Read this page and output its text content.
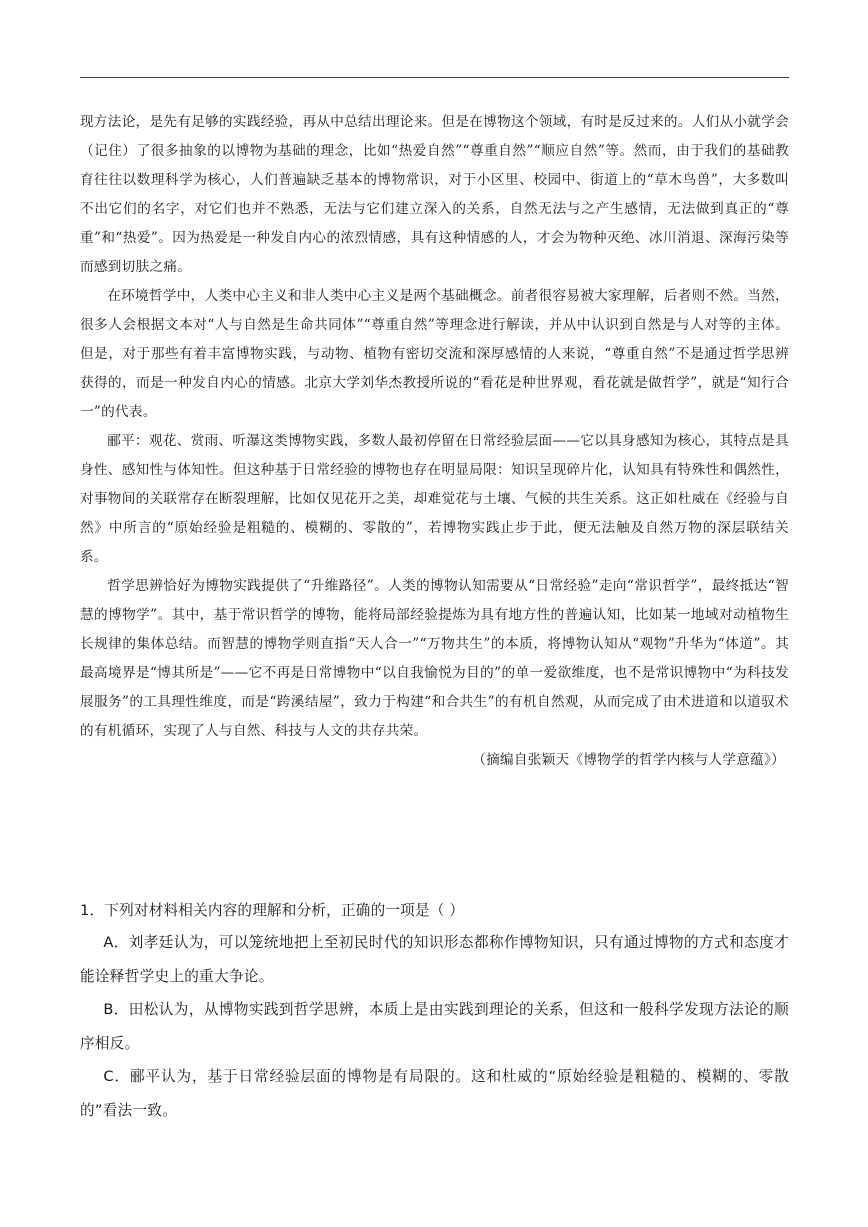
现方法论，是先有足够的实践经验，再从中总结出理论来。但是在博物这个领域，有时是反过来的。人们从小就学会（记住）了很多抽象的以博物为基础的理念，比如“热爱自然”“尊重自然”“顺应自然”等。然而，由于我们的基础教育往往以数理科学为核心，人们普遍缺乏基本的博物常识，对于小区里、校园中、街道上的“草木鸟兽”，大多数叫不出它们的名字，对它们也并不熟悉，无法与它们建立深入的关系，自然无法与之产生感情，无法做到真正的“尊重”和“热爱”。因为热爱是一种发自内心的浓烈情感，具有这种情感的人，才会为物种灭绝、冰川消退、深海污染等而感到切肤之痛。

在环境哲学中，人类中心主义和非人类中心主义是两个基础概念。前者很容易被大家理解，后者则不然。当然，很多人会根据文本对“人与自然是生命共同体”“尊重自然”等理念进行解读，并从中认识到自然是与人对等的主体。但是，对于那些有着丰富博物实践，与动物、植物有密切交流和深厚感情的人来说，“尊重自然”不是通过哲学思辨获得的，而是一种发自内心的情感。北京大学刘华杰教授所说的“看花是种世界观，看花就是做哲学”，就是“知行合一”的代表。

郦平：观花、赏雨、听瀑这类博物实践，多数人最初停留在日常经验层面——它以具身感知为核心，其特点是具身性、感知性与体知性。但这种基于日常经验的博物也存在明显局限：知识呈现碎片化，认知具有特殊性和偶然性，对事物间的关联常存在断裂理解，比如仅见花开之美，却难觉花与土壤、气候的共生关系。这正如杜威在《经验与自然》中所言的“原始经验是粗糙的、模糊的、零散的”，若博物实践止步于此，便无法触及自然万物的深层联结关系。

哲学思辨恰好为博物实践提供了“升维路径”。人类的博物认知需要从“日常经验”走向“常识哲学”，最终抵达“智慧的博物学”。其中，基于常识哲学的博物，能将局部经验提炼为具有地方性的普遍认知，比如某一地域对动植物生长规律的集体总结。而智慧的博物学则直指“天人合一”“万物共生”的本质，将博物认知从“观物”升华为“体道”。其最高境界是“博其所是”——它不再是日常博物中“以自我愉悦为目的”的单一爱欲维度，也不是常识博物中“为科技发展服务”的工具理性维度，而是“跨溪结屋”，致力于构建“和合共生”的有机自然观，从而完成了由术进道和以道驭术的有机循环，实现了人与自然、科技与人文的共存共荣。

（摘编自张颖天《博物学的哲学内核与人学意蕴》）

1．下列对材料相关内容的理解和分析，正确的一项是（ ）

A．刘孝廷认为，可以笼统地把上至初民时代的知识形态都称作博物知识，只有通过博物的方式和态度才能诠释哲学史上的重大争论。

B．田松认为，从博物实践到哲学思辨，本质上是由实践到理论的关系，但这和一般科学发现方法论的顺序相反。

C．郦平认为，基于日常经验层面的博物是有局限的。这和杜威的“原始经验是粗糙的、模糊的、零散的”看法一致。
